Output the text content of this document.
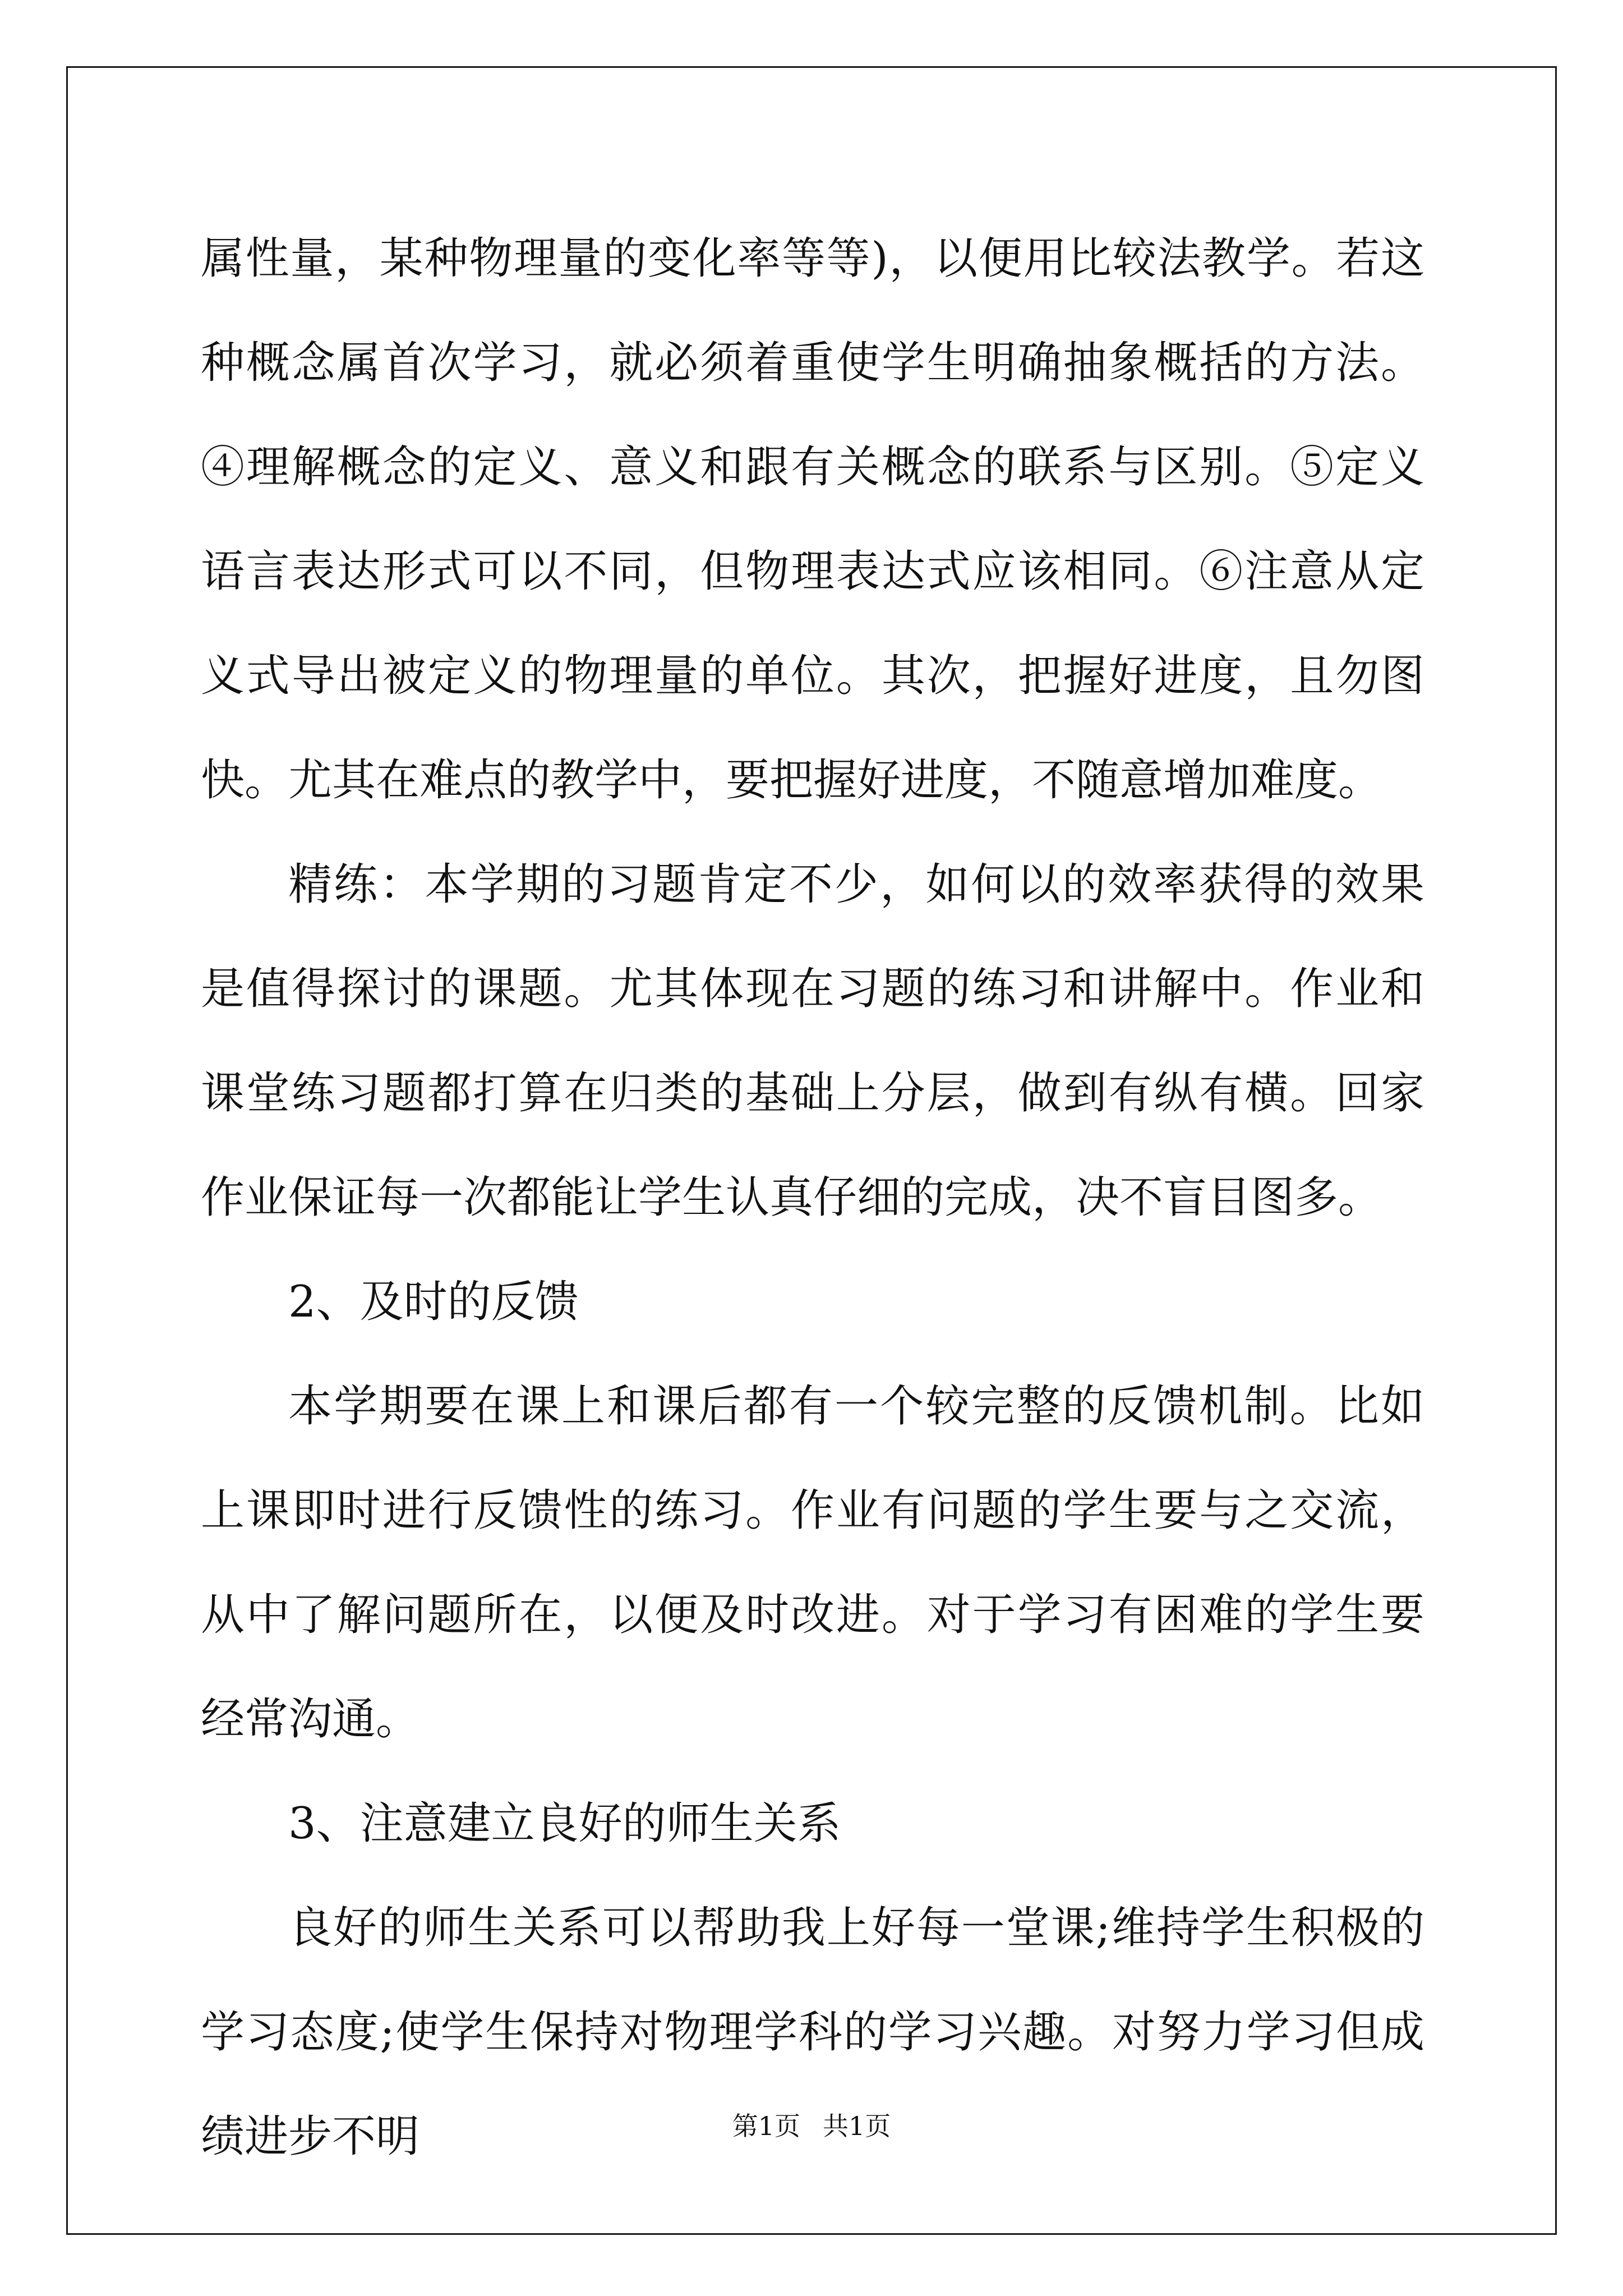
属性量，某种物理量的变化率等等)，以便用比较法教学。若这种概念属首次学习，就必须着重使学生明确抽象概括的方法。④理解概念的定义、意义和跟有关概念的联系与区别。⑤定义语言表达形式可以不同，但物理表达式应该相同。⑥注意从定义式导出被定义的物理量的单位。其次，把握好进度，且勿图快。尤其在难点的教学中，要把握好进度，不随意增加难度。

精练：本学期的习题肯定不少，如何以的效率获得的效果是值得探讨的课题。尤其体现在习题的练习和讲解中。作业和课堂练习题都打算在归类的基础上分层，做到有纵有横。回家作业保证每一次都能让学生认真仔细的完成，决不盲目图多。

2、及时的反馈

本学期要在课上和课后都有一个较完整的反馈机制。比如上课即时进行反馈性的练习。作业有问题的学生要与之交流，从中了解问题所在，以便及时改进。对于学习有困难的学生要经常沟通。

3、注意建立良好的师生关系

良好的师生关系可以帮助我上好每一堂课;维持学生积极的学习态度;使学生保持对物理学科的学习兴趣。对努力学习但成绩进步不明	第1页 共1页
